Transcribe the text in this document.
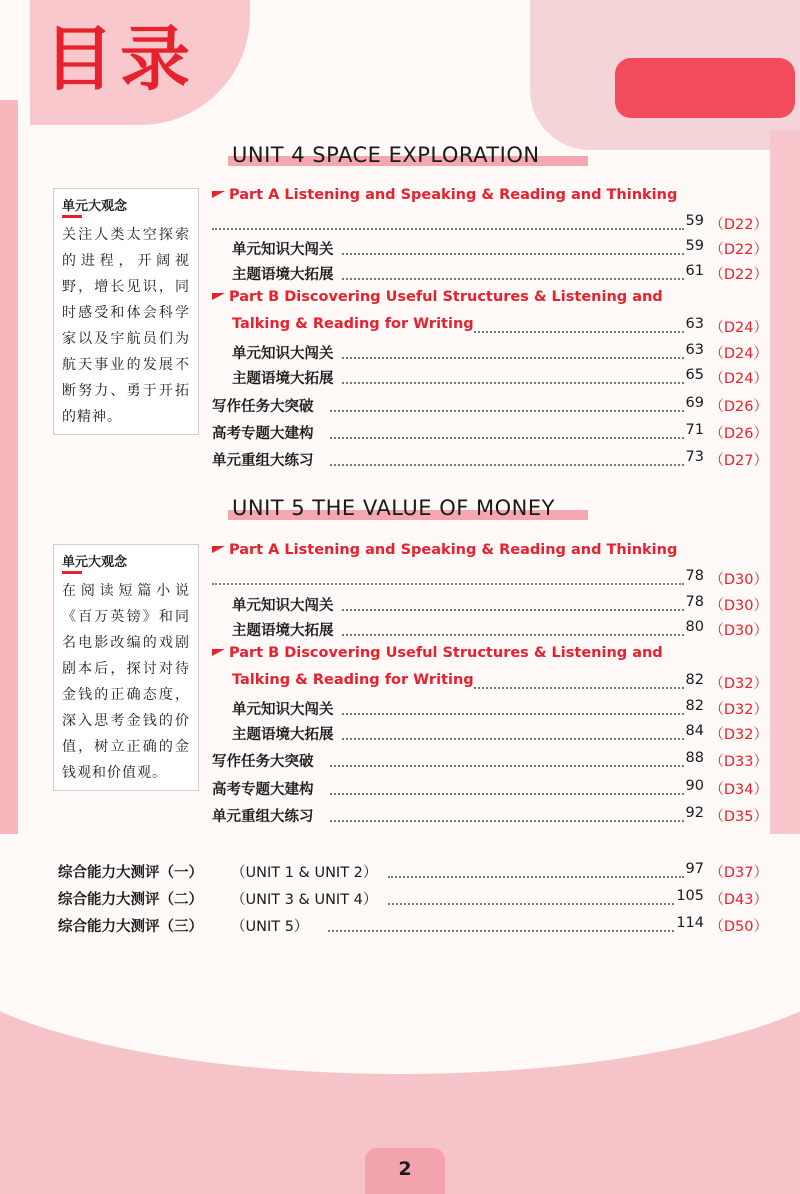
目录
UNIT 4 SPACE EXPLORATION
单元大观念
关注人类太空探索的进程，开阔视野，增长见识，同时感受和体会科学家以及宇航员们为航天事业的发展不断努力、勇于开拓的精神。
Part A Listening and Speaking & Reading and Thinking
59 （D22）
单元知识大闯关	59 （D22）
主题语境大拓展	61 （D22）
Part B Discovering Useful Structures & Listening and
Talking & Reading for Writing	63 （D24）
单元知识大闯关	63 （D24）
主题语境大拓展	65 （D24）
写作任务大突破	69 （D26）
高考专题大建构	71 （D26）
单元重组大练习	73 （D27）
UNIT 5 THE VALUE OF MONEY
单元大观念
在阅读短篇小说《百万英镑》和同名电影改编的戏剧剧本后，探讨对待金钱的正确态度，深入思考金钱的价值，树立正确的金钱观和价值观。
Part A Listening and Speaking & Reading and Thinking
78 （D30）
单元知识大闯关	78 （D30）
主题语境大拓展	80 （D30）
Part B Discovering Useful Structures & Listening and
Talking & Reading for Writing	82 （D32）
单元知识大闯关	82 （D32）
主题语境大拓展	84 （D32）
写作任务大突破	88 （D33）
高考专题大建构	90 （D34）
单元重组大练习	92 （D35）
综合能力大测评（一） （UNIT 1 & UNIT 2）	97 （D37）
综合能力大测评（二） （UNIT 3 & UNIT 4）	105 （D43）
综合能力大测评（三） （UNIT 5）	114 （D50）
2
